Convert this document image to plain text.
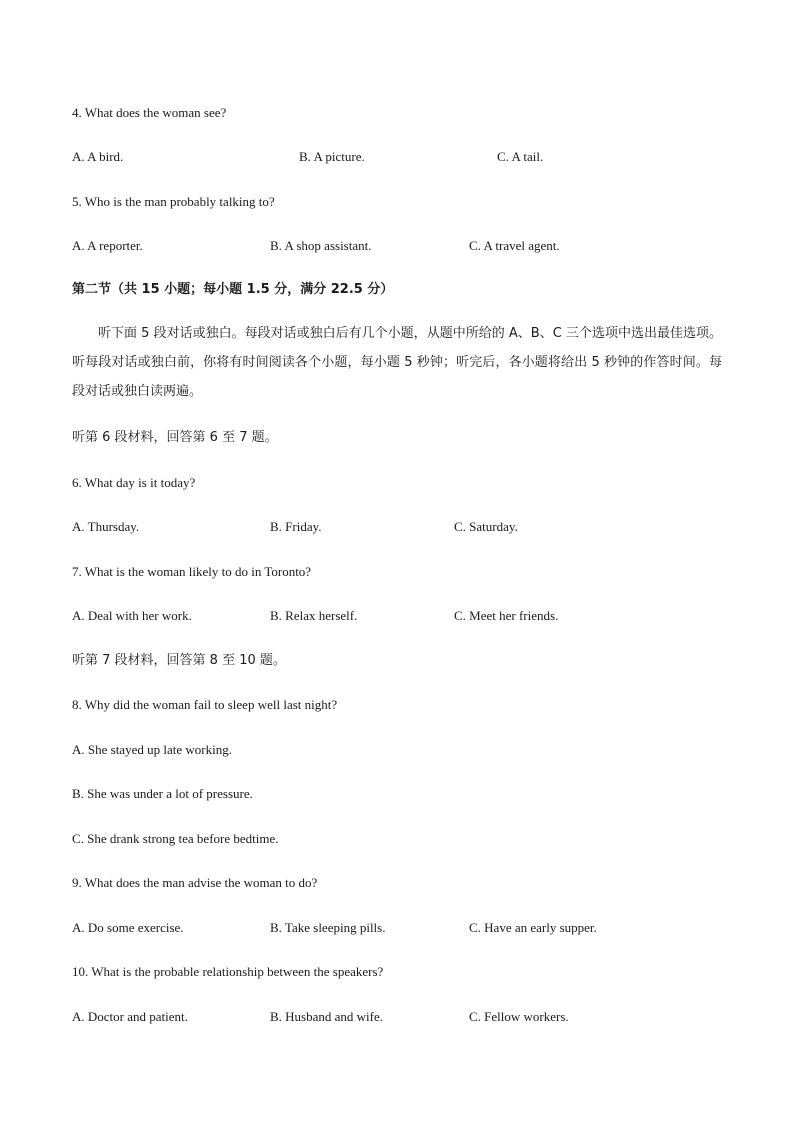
4. What does the woman see?
A. A bird.	B. A picture.	C. A tail.
5. Who is the man probably talking to?
A. A reporter.	B. A shop assistant.	C. A travel agent.
第二节（共 15 小题；每小题 1.5 分，满分 22.5 分）
听下面 5 段对话或独白。每段对话或独白后有几个小题，从题中所给的 A、B、C 三个选项中选出最佳选项。听每段对话或独白前，你将有时间阅读各个小题，每小题 5 秒钟；听完后，各小题将给出 5 秒钟的作答时间。每段对话或独白读两遍。
听第 6 段材料，回答第 6 至 7 题。
6. What day is it today?
A. Thursday.	B. Friday.	C. Saturday.
7. What is the woman likely to do in Toronto?
A. Deal with her work.	B. Relax herself.	C. Meet her friends.
听第 7 段材料，回答第 8 至 10 题。
8. Why did the woman fail to sleep well last night?
A. She stayed up late working.
B. She was under a lot of pressure.
C. She drank strong tea before bedtime.
9. What does the man advise the woman to do?
A. Do some exercise.	B. Take sleeping pills.	C. Have an early supper.
10. What is the probable relationship between the speakers?
A. Doctor and patient.	B. Husband and wife.	C. Fellow workers.
